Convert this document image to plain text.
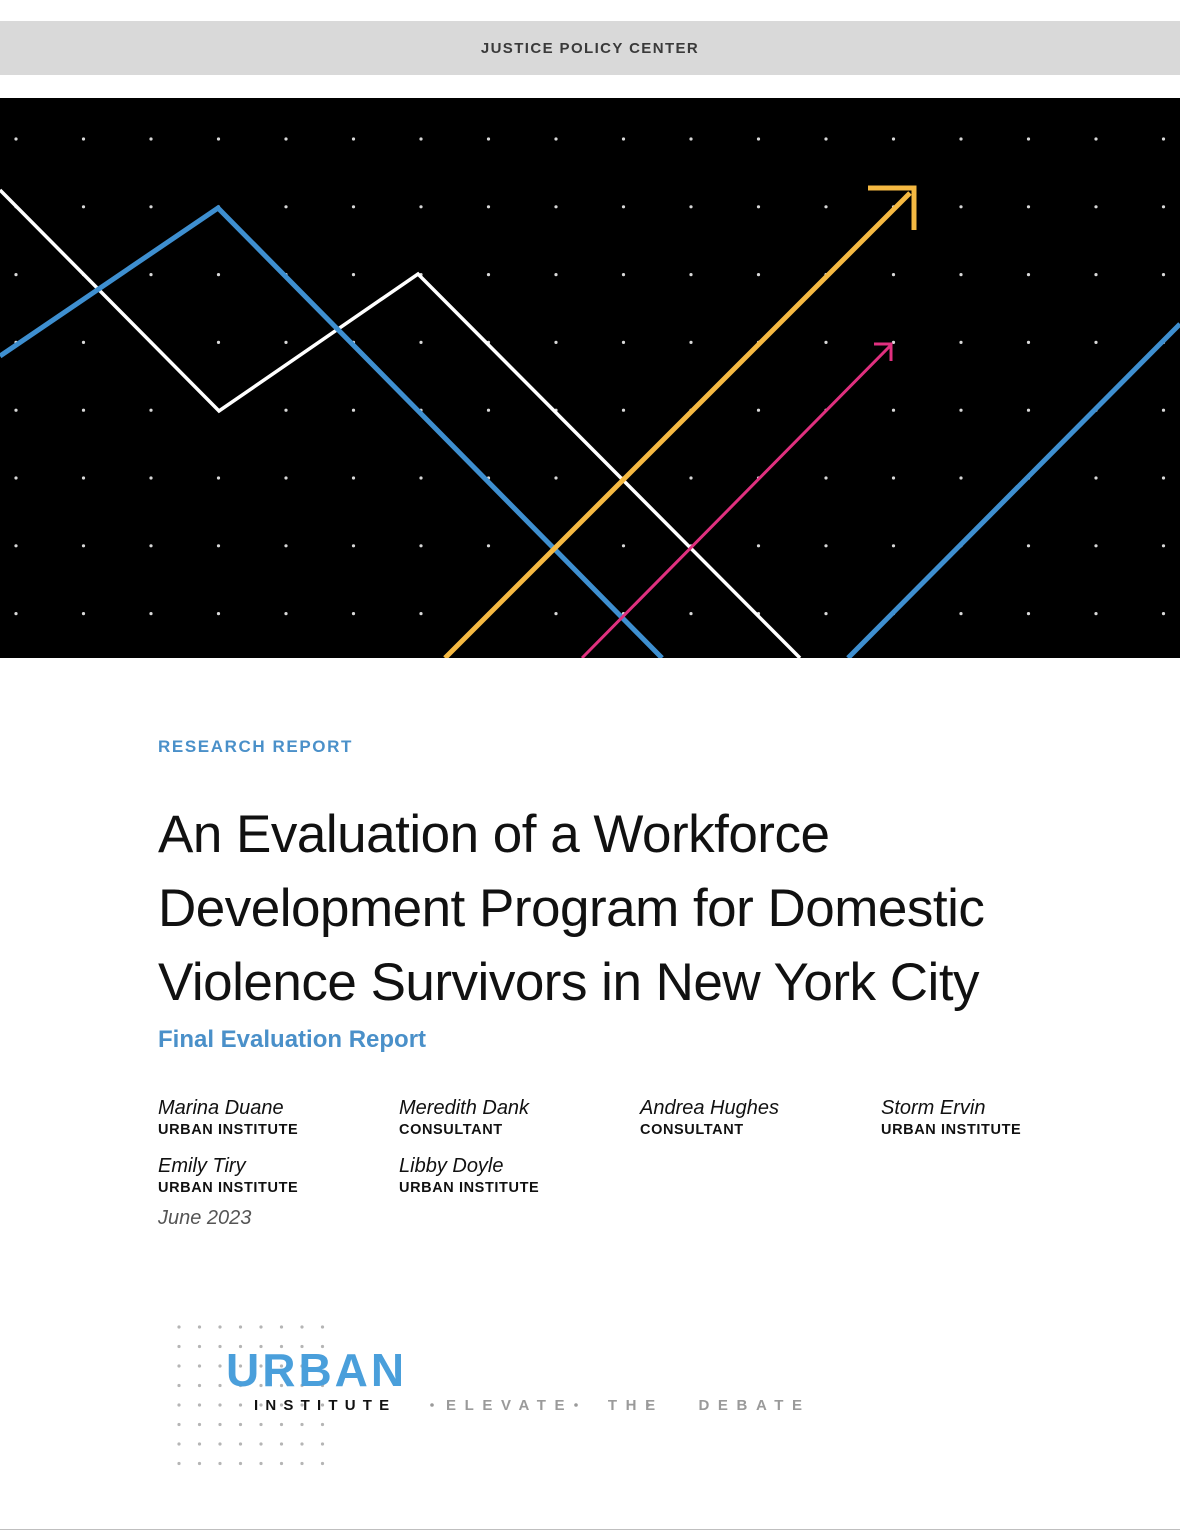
JUSTICE POLICY CENTER
RESEARCH REPORT
An Evaluation of a Workforce
Development Program for Domestic
Violence Survivors in New York City
Final Evaluation Report
Marina Duane
URBAN INSTITUTE
Meredith Dank
CONSULTANT
Andrea Hughes
CONSULTANT
Storm Ervin
URBAN INSTITUTE
Emily Tiry
URBAN INSTITUTE
Libby Doyle
URBAN INSTITUTE
June 2023
URBAN
INSTITUTE	ELEVATE THE DEBATE
